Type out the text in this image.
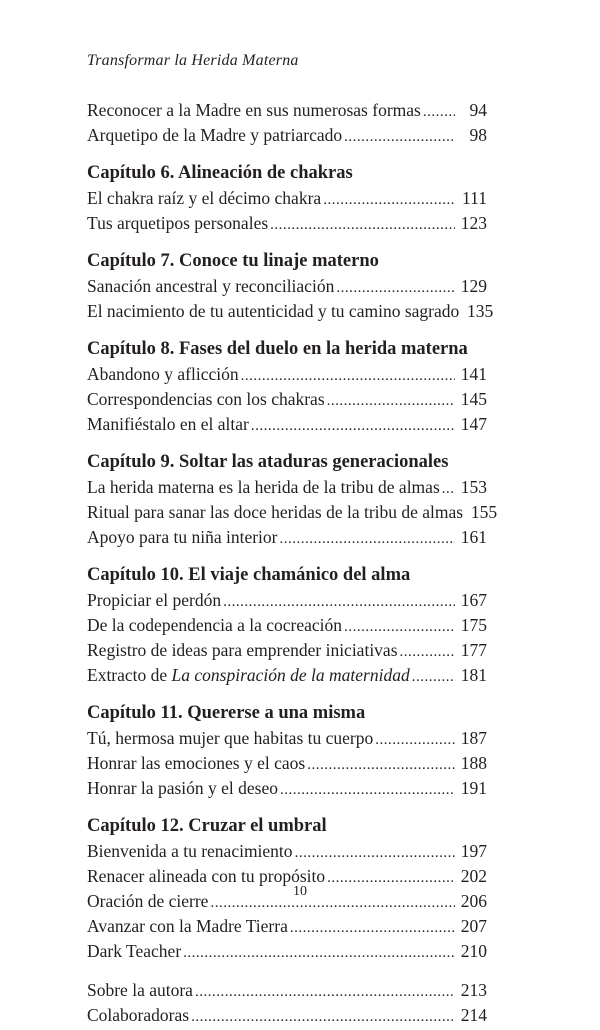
Transformar la Herida Materna
Reconocer a la Madre en sus numerosas formas .....	94
Arquetipo de la Madre y patriarcado .....	98
Capítulo 6. Alineación de chakras
El chakra raíz y el décimo chakra .....	111
Tus arquetipos personales .....	123
Capítulo 7. Conoce tu linaje materno
Sanación ancestral y reconciliación .....	129
El nacimiento de tu autenticidad y tu camino sagrado 135
Capítulo 8. Fases del duelo en la herida materna
Abandono y aflicción .....	141
Correspondencias con los chakras .....	145
Manifiéstalo en el altar .....	147
Capítulo 9. Soltar las ataduras generacionales
La herida materna es la herida de la tribu de almas ..... 153
Ritual para sanar las doce heridas de la tribu de almas 155
Apoyo para tu niña interior .....	161
Capítulo 10. El viaje chamánico del alma
Propiciar el perdón .....	167
De la codependencia a la cocreación .....	175
Registro de ideas para emprender iniciativas .....	177
Extracto de La conspiración de la maternidad .....	181
Capítulo 11. Quererse a una misma
Tú, hermosa mujer que habitas tu cuerpo .....	187
Honrar las emociones y el caos .....	188
Honrar la pasión y el deseo .....	191
Capítulo 12. Cruzar el umbral
Bienvenida a tu renacimiento .....	197
Renacer alineada con tu propósito .....	202
Oración de cierre .....	206
Avanzar con la Madre Tierra .....	207
Dark Teacher .....	210
Sobre la autora .....	213
Colaboradoras .....	214
10
